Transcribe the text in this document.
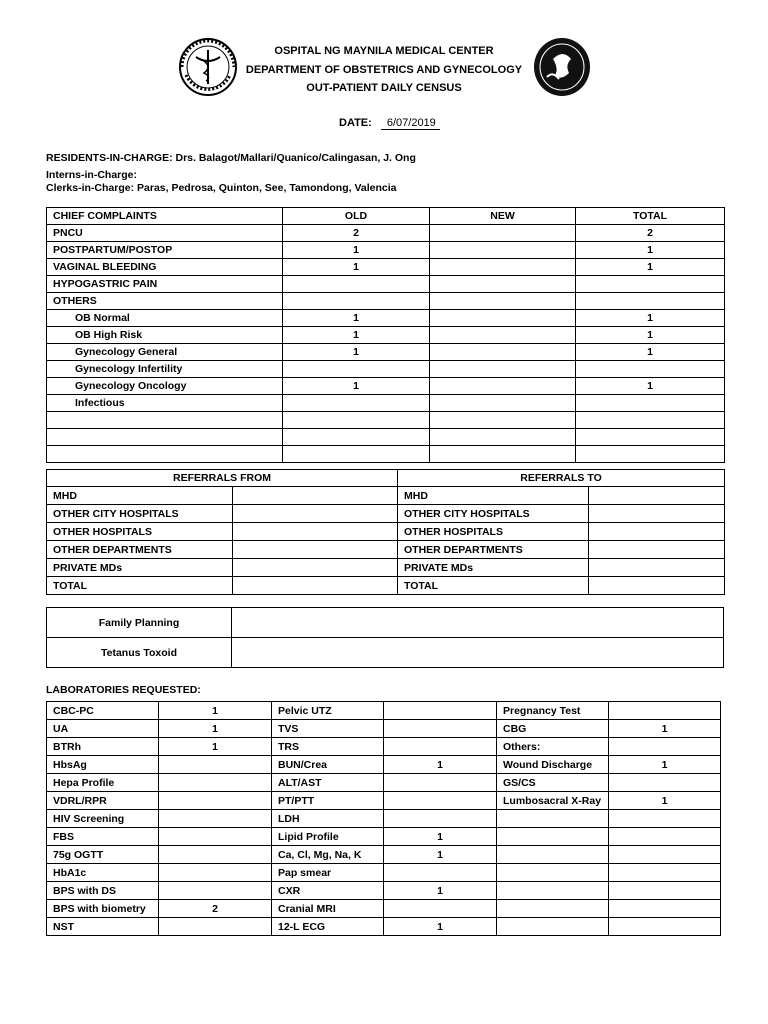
OSPITAL NG MAYNILA MEDICAL CENTER
DEPARTMENT OF OBSTETRICS AND GYNECOLOGY
OUT-PATIENT DAILY CENSUS
DATE: 6/07/2019
RESIDENTS-IN-CHARGE: Drs. Balagot/Mallari/Quanico/Calingasan, J. Ong
Interns-in-Charge:
Clerks-in-Charge: Paras, Pedrosa, Quinton, See, Tamondong, Valencia
CHIEF COMPLAINTS	OLD	NEW	TOTAL
PNCU	2		2
POSTPARTUM/POSTOP	1		1
VAGINAL BLEEDING	1		1
HYPOGASTRIC PAIN			
OTHERS			
OB Normal	1		1
OB High Risk	1		1
Gynecology General	1		1
Gynecology Infertility			
Gynecology Oncology	1		1
Infectious			

REFERRALS FROM		REFERRALS TO	
MHD		MHD	
OTHER CITY HOSPITALS		OTHER CITY HOSPITALS	
OTHER HOSPITALS		OTHER HOSPITALS	
OTHER DEPARTMENTS		OTHER DEPARTMENTS	
PRIVATE MDs		PRIVATE MDs	
TOTAL		TOTAL	
Family Planning	
Tetanus Toxoid	
LABORATORIES REQUESTED:
CBC-PC	1	Pelvic UTZ		Pregnancy Test	
UA	1	TVS		CBG	1
BTRh	1	TRS		Others:	
HbsAg		BUN/Crea	1	Wound Discharge	1
Hepa Profile		ALT/AST		GS/CS	
VDRL/RPR		PT/PTT		Lumbosacral X-Ray	1
HIV Screening		LDH			
FBS		Lipid Profile	1		
75g OGTT		Ca, Cl, Mg, Na, K	1		
HbA1c		Pap smear			
BPS with DS		CXR	1		
BPS with biometry	2	Cranial MRI			
NST		12-L ECG	1		
